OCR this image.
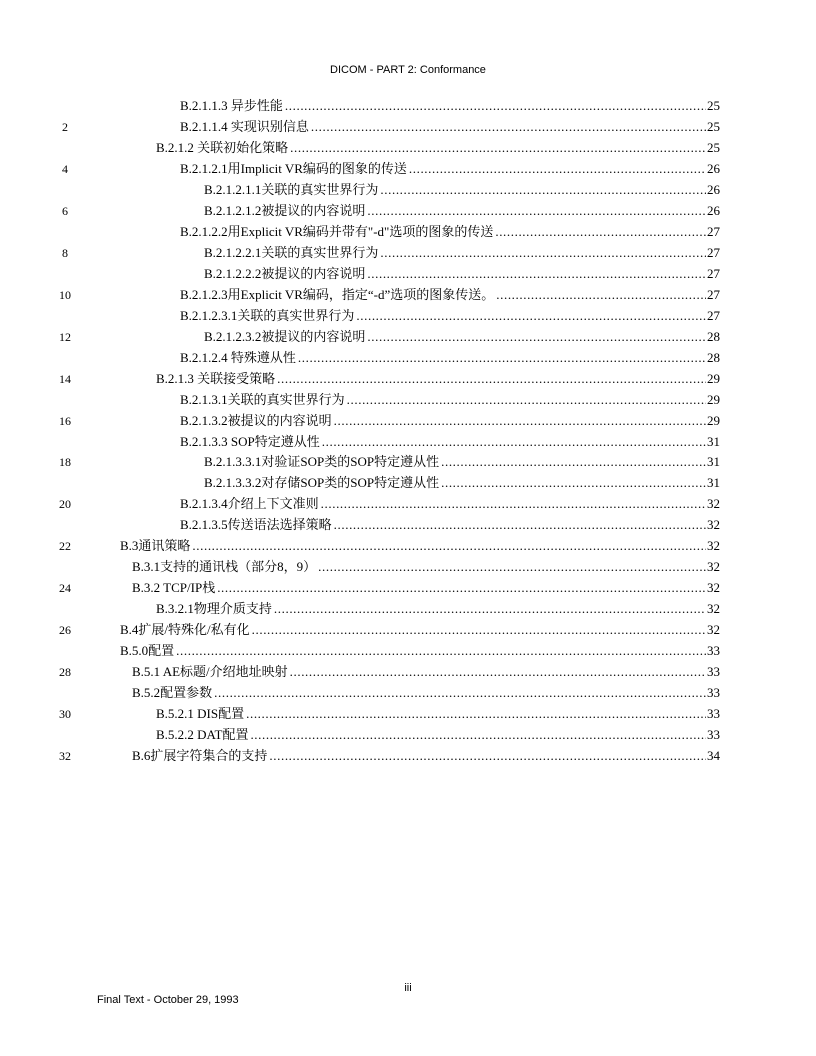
DICOM - PART 2: Conformance
B.2.1.1.3 异步性能 .....	25
2	B.2.1.1.4 实现识别信息 .....	25
B.2.1.2 关联初始化策略 .....	25
4	B.2.1.2.1用Implicit VR编码的图象的传送 .....	26
B.2.1.2.1.1关联的真实世界行为 .....	26
6	B.2.1.2.1.2被提议的内容说明 .....	26
B.2.1.2.2用Explicit VR编码并带有"-d"选项的图象的传送 .....	27
8	B.2.1.2.2.1关联的真实世界行为 .....	27
B.2.1.2.2.2被提议的内容说明 .....	27
10	B.2.1.2.3用Explicit VR编码，指定“-d”选项的图象传送。 .....	27
B.2.1.2.3.1关联的真实世界行为 .....	27
12	B.2.1.2.3.2被提议的内容说明 .....	28
B.2.1.2.4 特殊遵从性 .....	28
14	B.2.1.3 关联接受策略 .....	29
B.2.1.3.1关联的真实世界行为 .....	29
16	B.2.1.3.2被提议的内容说明 .....	29
B.2.1.3.3 SOP特定遵从性 .....	31
18	B.2.1.3.3.1对验证SOP类的SOP特定遵从性 .....	31
B.2.1.3.3.2对存储SOP类的SOP特定遵从性 .....	31
20	B.2.1.3.4介绍上下文准则 .....	32
B.2.1.3.5传送语法选择策略 .....	32
22	B.3通讯策略 .....	32
B.3.1支持的通讯栈（部分8，9） .....	32
24	B.3.2 TCP/IP栈 .....	32
B.3.2.1物理介质支持 .....	32
26	B.4扩展/特殊化/私有化 .....	32
B.5.0配置 .....	33
28	B.5.1 AE标题/介绍地址映射 .....	33
B.5.2配置参数 .....	33
30	B.5.2.1 DIS配置 .....	33
B.5.2.2 DAT配置 .....	33
32	B.6扩展字符集合的支持 .....	34
iii
Final Text - October 29, 1993
